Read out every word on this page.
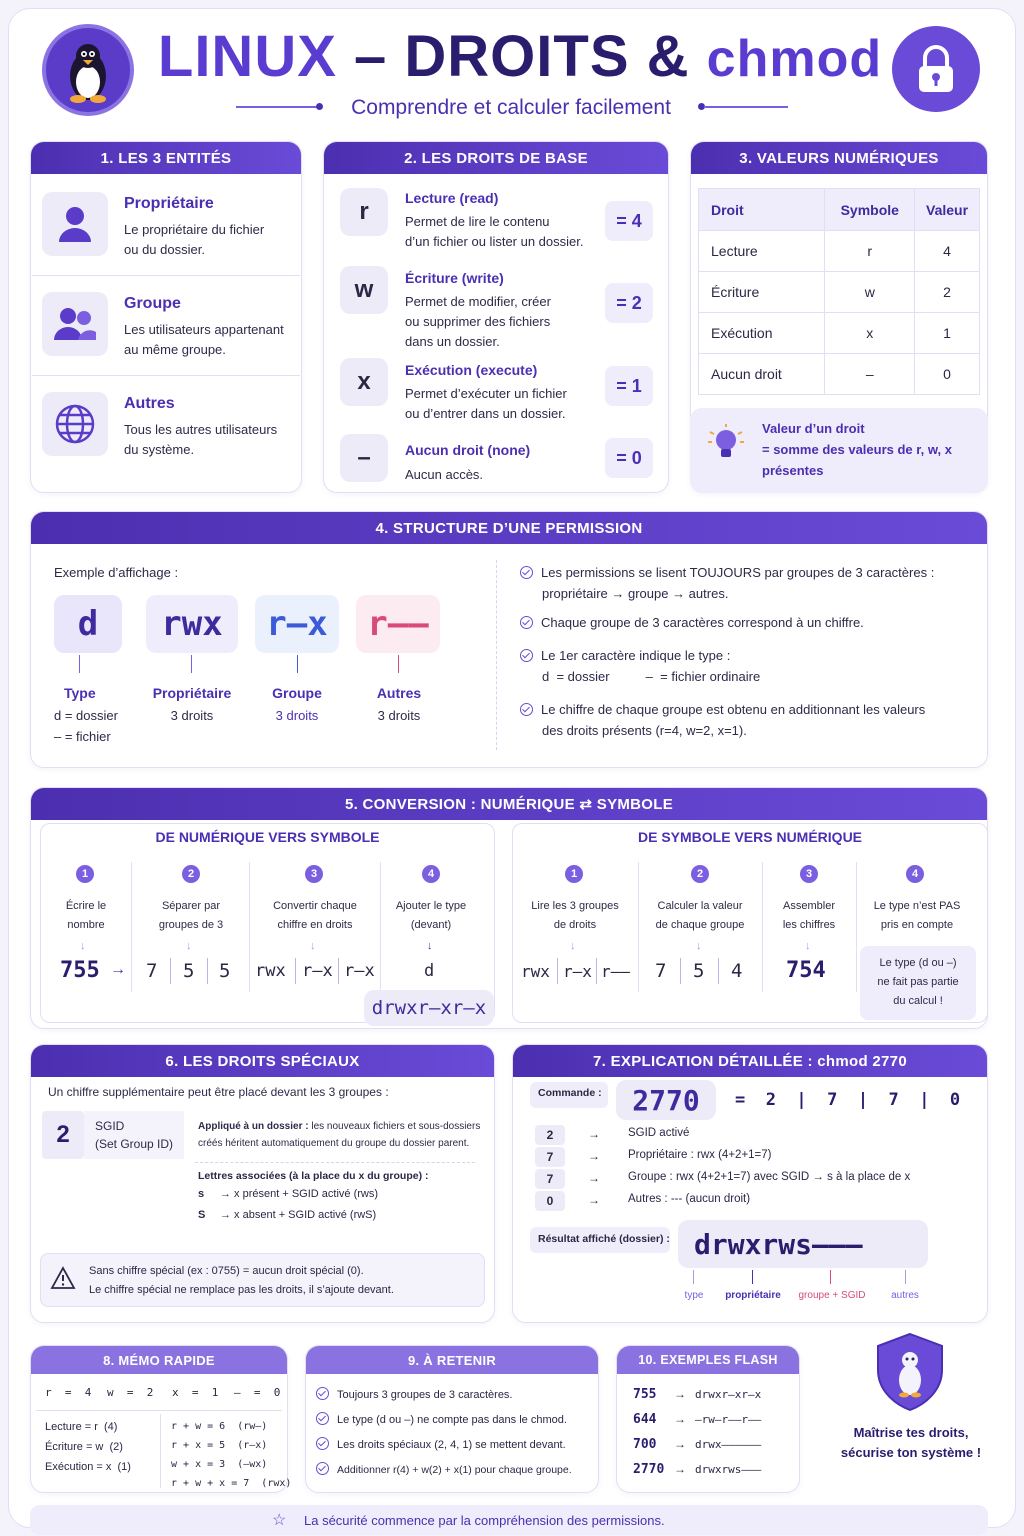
LINUX – DROITS & chmod
Comprendre et calculer facilement
1. LES 3 ENTITÉS
Propriétaire
Le propriétaire du fichier
ou du dossier.
Groupe
Les utilisateurs appartenant
au même groupe.
Autres
Tous les autres utilisateurs
du système.
2. LES DROITS DE BASE
r	Lecture (read)
Permet de lire le contenu
d’un fichier ou lister un dossier.
= 4
w	Écriture (write)
Permet de modifier, créer
ou supprimer des fichiers
dans un dossier.
= 2
x	Exécution (execute)
Permet d’exécuter un fichier
ou d’entrer dans un dossier.
= 1
–	Aucun droit (none)
Aucun accès.
= 0
3. VALEURS NUMÉRIQUES
Droit	Symbole	Valeur
Lecture	r	4
Écriture	w	2
Exécution	x	1
Aucun droit	–	0
Valeur d’un droit
= somme des valeurs de r, w, x
présentes
4. STRUCTURE D’UNE PERMISSION
Exemple d’affichage :
d	rwx	r–x	r––
Type
d = dossier
– = fichier
Propriétaire
3 droits
Groupe
3 droits
Autres
3 droits
Les permissions se lisent TOUJOURS par groupes de 3 caractères :
propriétaire → groupe → autres.
Chaque groupe de 3 caractères correspond à un chiffre.
Le 1er caractère indique le type :
d  = dossier          –  = fichier ordinaire
Le chiffre de chaque groupe est obtenu en additionnant les valeurs
des droits présents (r=4, w=2, x=1).
5. CONVERSION : NUMÉRIQUE ⇄ SYMBOLE
DE NUMÉRIQUE VERS SYMBOLE	DE SYMBOLE VERS NUMÉRIQUE
1	2	3	4
Écrire le
nombre
Séparer par
groupes de 3
Convertir chaque
chiffre en droits
Ajouter le type
(devant)
↓	↓	↓	↓
755 → 7 5 5 rwx r–x r–x	d
drwxr–xr–x
1	2	3	4
Lire les 3 groupes
de droits
Calculer la valeur
de chaque groupe
Assembler
les chiffres
Le type n’est PAS
pris en compte
↓	↓	↓
rwx r–x r–– 7 5 4 754	Le type (d ou –)
ne fait pas partie
du calcul !
6. LES DROITS SPÉCIAUX
Un chiffre supplémentaire peut être placé devant les 3 groupes :
2	SGID
(Set Group ID)
Appliqué à un dossier : les nouveaux fichiers et sous-dossiers
créés héritent automatiquement du groupe du dossier parent.
Lettres associées (à la place du x du groupe) :
s → x présent + SGID activé (rws)
S → x absent + SGID activé (rwS)
Sans chiffre spécial (ex : 0755) = aucun droit spécial (0).
Le chiffre spécial ne remplace pas les droits, il s’ajoute devant.
7. EXPLICATION DÉTAILLÉE : chmod 2770
Commande :	2770	=  2  |  7  |  7  |  0
2	→ SGID activé
7	→ Propriétaire : rwx (4+2+1=7)
7	→ Groupe : rwx (4+2+1=7) avec SGID → s à la place de x
0	→ Autres : --- (aucun droit)
Résultat affiché (dossier) : drwxrws–––
type	propriétaire	groupe + SGID	autres
8. MÉMO RAPIDE
r  =  4 w  =  2 x  =  1 –  =  0
Lecture = r  (4)
Écriture = w  (2)
Exécution = x  (1)
r + w = 6  (rw–)
r + x = 5  (r–x)
w + x = 3  (–wx)
r + w + x = 7  (rwx)
9. À RETENIR
Toujours 3 groupes de 3 caractères.
Le type (d ou –) ne compte pas dans le chmod.
Les droits spéciaux (2, 4, 1) se mettent devant.
Additionner r(4) + w(2) + x(1) pour chaque groupe.
10. EXEMPLES FLASH
755 → drwxr–xr–x
644 → –rw–r––r––
700 → drwx––––––
2770 → drwxrws–––
Maîtrise tes droits,
sécurise ton système !
☆ La sécurité commence par la compréhension des permissions.
